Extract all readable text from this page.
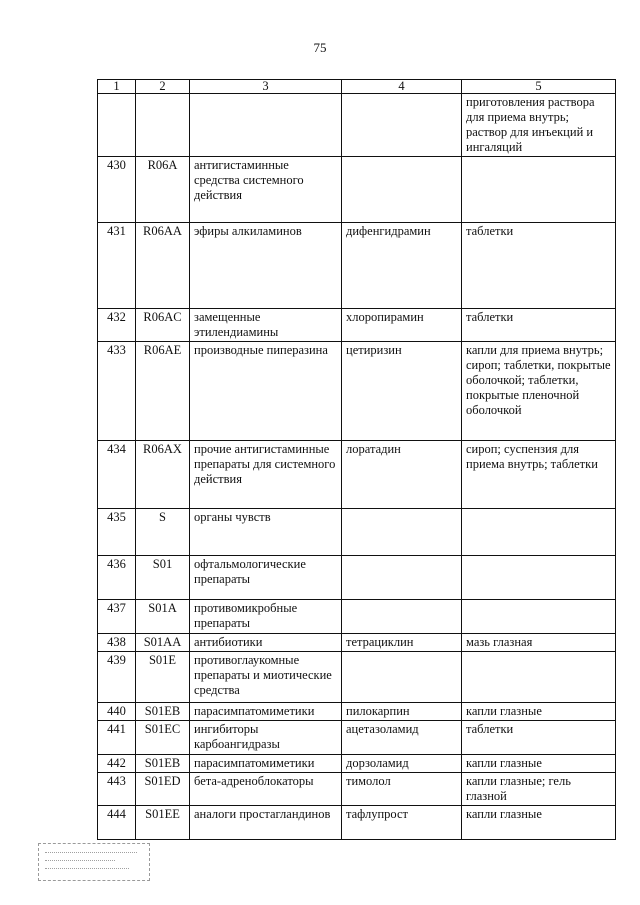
75
1	2	3	4	5
				приготовления раствора для приема внутрь; раствор для инъекций и ингаляций
430	R06A	антигистаминные средства системного действия		
431	R06AA	эфиры алкиламинов	дифенгидрамин	таблетки
432	R06AC	замещенные этилендиамины	хлоропирамин	таблетки
433	R06AE	производные пиперазина	цетиризин	капли для приема внутрь; сироп; таблетки, покрытые оболочкой; таблетки, покрытые пленочной оболочкой
434	R06AX	прочие антигистаминные препараты для системного действия	лоратадин	сироп; суспензия для приема внутрь; таблетки
435	S	органы чувств		
436	S01	офтальмологические препараты		
437	S01A	противомикробные препараты		
438	S01AA	антибиотики	тетрациклин	мазь глазная
439	S01E	противоглаукомные препараты и миотические средства		
440	S01EB	парасимпатомиметики	пилокарпин	капли глазные
441	S01EC	ингибиторы карбоангидразы	ацетазоламид	таблетки
442	S01EB	парасимпатомиметики	дорзоламид	капли глазные
443	S01ED	бета-адреноблокаторы	тимолол	капли глазные; гель глазной
444	S01EE	аналоги простагландинов	тафлупрост	капли глазные
